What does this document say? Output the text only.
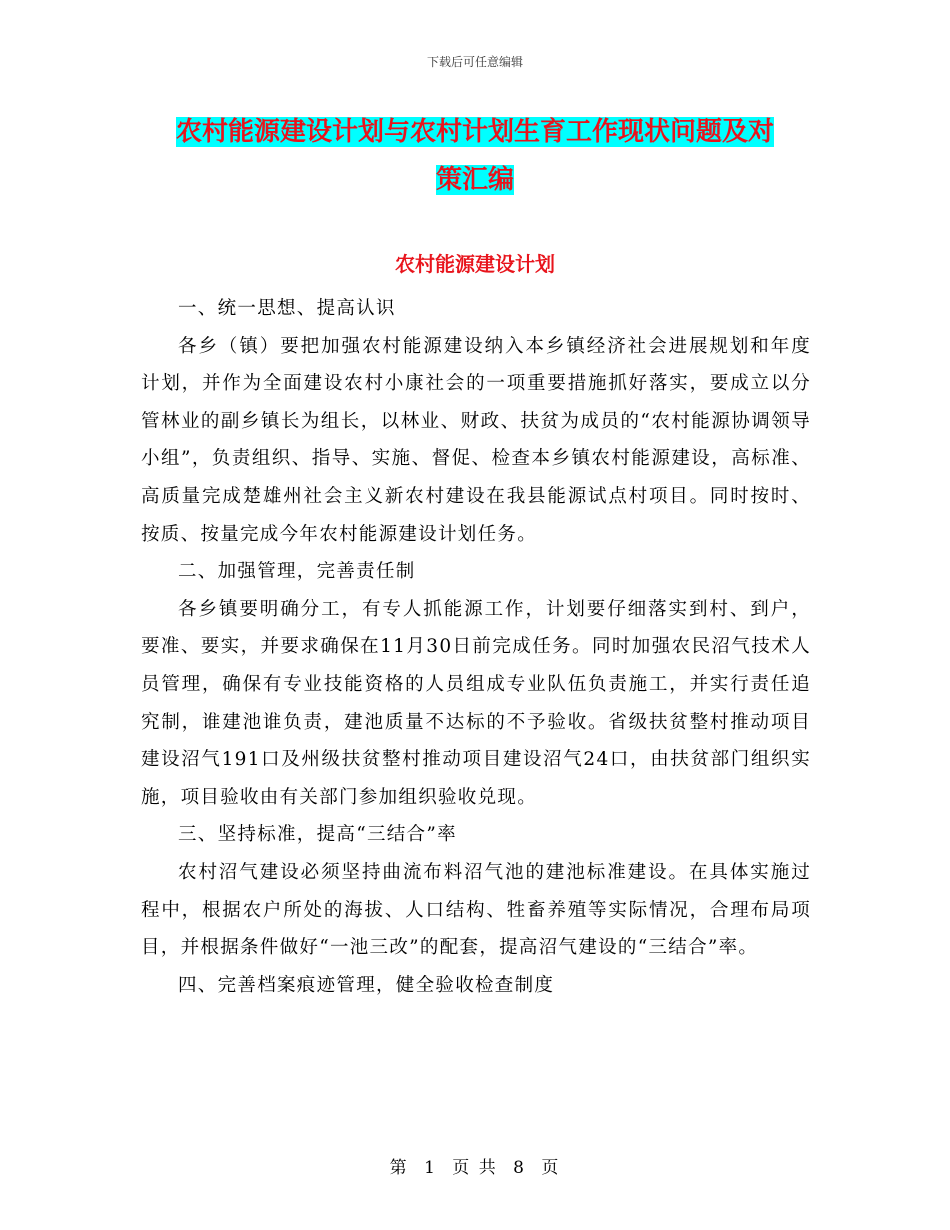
下载后可任意编辑
农村能源建设计划与农村计划生育工作现状问题及对
策汇编
农村能源建设计划

一、统一思想、提高认识

各乡（镇）要把加强农村能源建设纳入本乡镇经济社会进展规划和年度计划，并作为全面建设农村小康社会的一项重要措施抓好落实，要成立以分管林业的副乡镇长为组长，以林业、财政、扶贫为成员的“农村能源协调领导小组”，负责组织、指导、实施、督促、检查本乡镇农村能源建设，高标准、高质量完成楚雄州社会主义新农村建设在我县能源试点村项目。同时按时、按质、按量完成今年农村能源建设计划任务。

二、加强管理，完善责任制

各乡镇要明确分工，有专人抓能源工作，计划要仔细落实到村、到户，要准、要实，并要求确保在11月30日前完成任务。同时加强农民沼气技术人员管理，确保有专业技能资格的人员组成专业队伍负责施工，并实行责任追究制，谁建池谁负责，建池质量不达标的不予验收。省级扶贫整村推动项目建设沼气191口及州级扶贫整村推动项目建设沼气24口，由扶贫部门组织实施，项目验收由有关部门参加组织验收兑现。

三、坚持标准，提高“三结合”率

农村沼气建设必须坚持曲流布料沼气池的建池标准建设。在具体实施过程中，根据农户所处的海拔、人口结构、牲畜养殖等实际情况，合理布局项目，并根据条件做好“一池三改”的配套，提高沼气建设的“三结合”率。

四、完善档案痕迹管理，健全验收检查制度

第 1 页 共 8 页
